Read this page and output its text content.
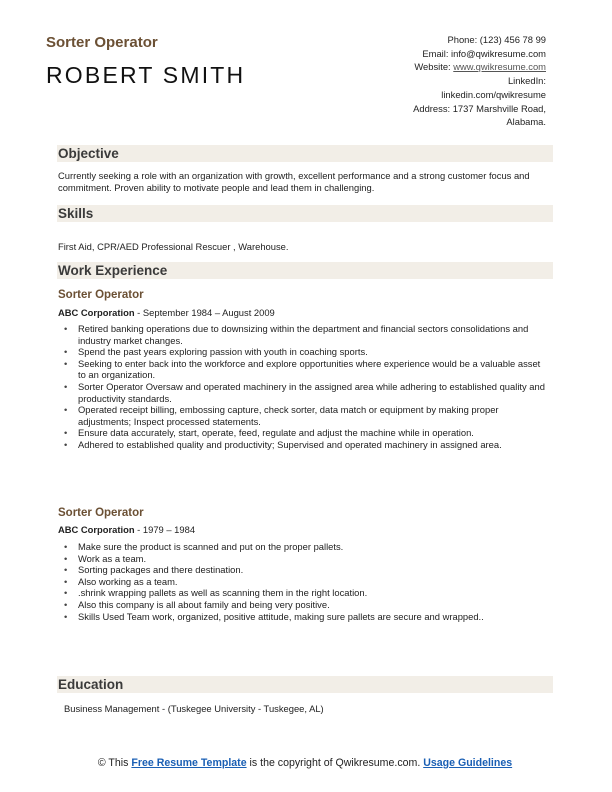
Sorter Operator
ROBERT SMITH
Phone: (123) 456 78 99
Email: info@qwikresume.com
Website: www.qwikresume.com
LinkedIn:
linkedin.com/qwikresume
Address: 1737 Marshville Road,
Alabama.
Objective
Currently seeking a role with an organization with growth, excellent performance and a strong customer focus and commitment. Proven ability to motivate people and lead them in challenging.
Skills
First Aid, CPR/AED Professional Rescuer , Warehouse.
Work Experience
Sorter Operator
ABC Corporation - September 1984 – August 2009
• Retired banking operations due to downsizing within the department and financial sectors consolidations and industry market changes.
• Spend the past years exploring passion with youth in coaching sports.
• Seeking to enter back into the workforce and explore opportunities where experience would be a valuable asset to an organization.
• Sorter Operator Oversaw and operated machinery in the assigned area while adhering to established quality and productivity standards.
• Operated receipt billing, embossing capture, check sorter, data match or equipment by making proper adjustments; Inspect processed statements.
• Ensure data accurately, start, operate, feed, regulate and adjust the machine while in operation.
• Adhered to established quality and productivity; Supervised and operated machinery in assigned area.
Sorter Operator
ABC Corporation - 1979 – 1984
• Make sure the product is scanned and put on the proper pallets.
• Work as a team.
• Sorting packages and there destination.
• Also working as a team.
• .shrink wrapping pallets as well as scanning them in the right location.
• Also this company is all about family and being very positive.
• Skills Used Team work, organized, positive attitude, making sure pallets are secure and wrapped..
Education
Business Management - (Tuskegee University - Tuskegee, AL)
© This Free Resume Template is the copyright of Qwikresume.com. Usage Guidelines
